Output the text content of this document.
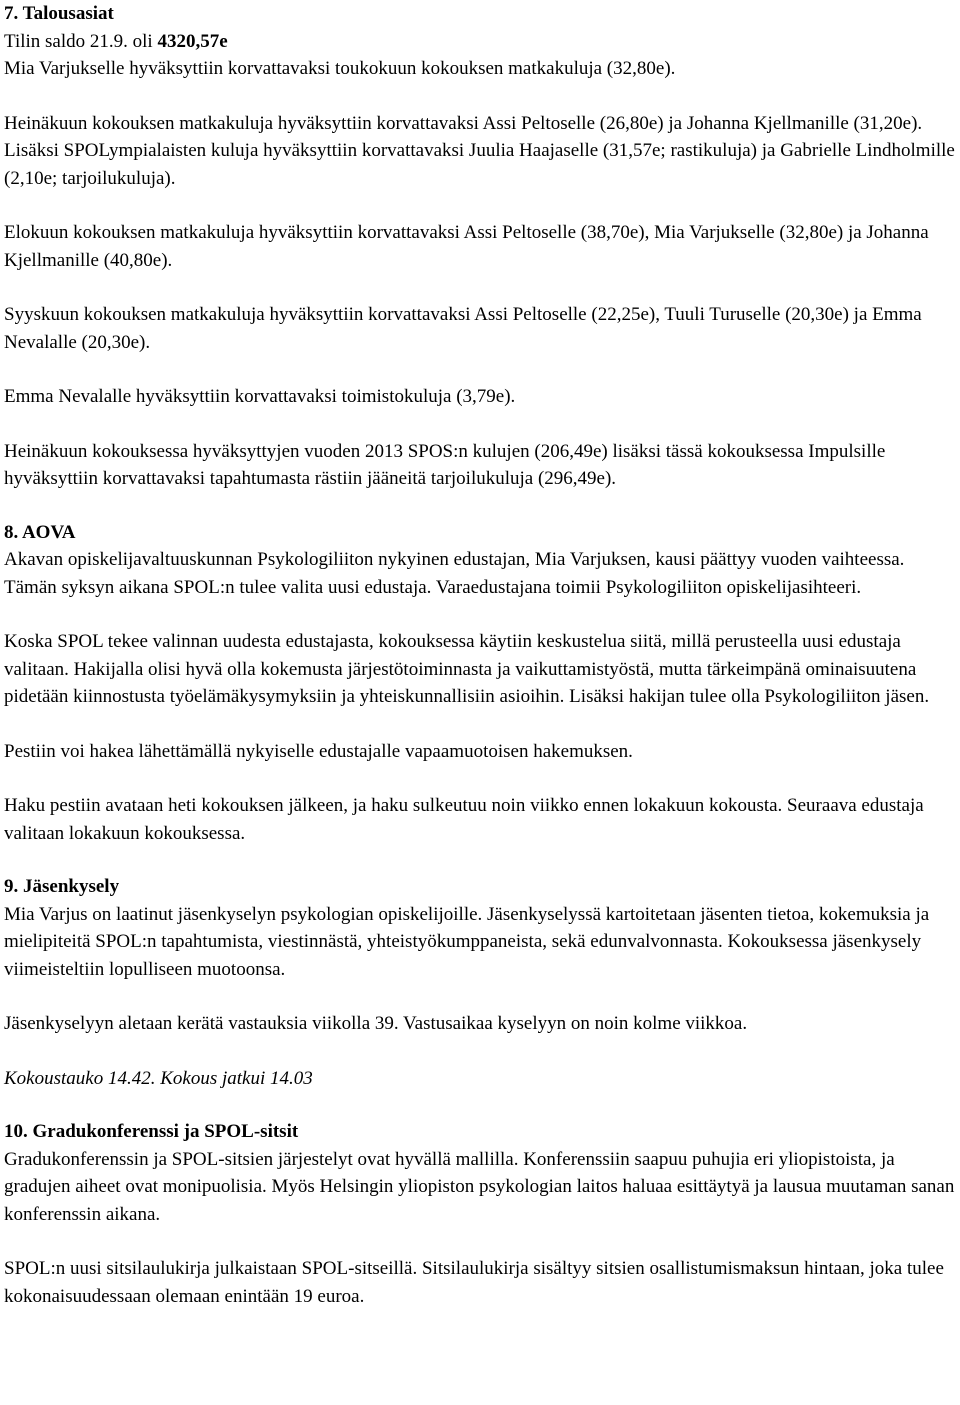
7. Talousasiat
Tilin saldo 21.9. oli 4320,57e

Mia Varjukselle hyväksyttiin korvattavaksi toukokuun kokouksen matkakuluja (32,80e).

Heinäkuun kokouksen matkakuluja hyväksyttiin korvattavaksi Assi Peltoselle (26,80e) ja Johanna Kjellmanille (31,20e). Lisäksi SPOLympialaisten kuluja hyväksyttiin korvattavaksi Juulia Haajaselle (31,57e; rastikuluja) ja Gabrielle Lindholmille (2,10e; tarjoilukuluja).

Elokuun kokouksen matkakuluja hyväksyttiin korvattavaksi Assi Peltoselle (38,70e), Mia Varjukselle (32,80e) ja Johanna Kjellmanille (40,80e).

Syyskuun kokouksen matkakuluja hyväksyttiin korvattavaksi Assi Peltoselle (22,25e), Tuuli Turuselle (20,30e) ja Emma Nevalalle (20,30e).

Emma Nevalalle hyväksyttiin korvattavaksi toimistokuluja (3,79e).

Heinäkuun kokouksessa hyväksyttyjen vuoden 2013 SPOS:n kulujen (206,49e) lisäksi tässä kokouksessa Impulsille hyväksyttiin korvattavaksi tapahtumasta rästiin jääneitä tarjoilukuluja (296,49e).

8. AOVA

Akavan opiskelijavaltuuskunnan Psykologiliiton nykyinen edustajan, Mia Varjuksen, kausi päättyy vuoden vaihteessa. Tämän syksyn aikana SPOL:n tulee valita uusi edustaja. Varaedustajana toimii Psykologiliiton opiskelijasihteeri.

Koska SPOL tekee valinnan uudesta edustajasta, kokouksessa käytiin keskustelua siitä, millä perusteella uusi edustaja valitaan. Hakijalla olisi hyvä olla kokemusta järjestötoiminnasta ja vaikuttamistyöstä, mutta tärkeimpänä ominaisuutena pidetään kiinnostusta työelämäkysymyksiin ja yhteiskunnallisiin asioihin. Lisäksi hakijan tulee olla Psykologiliiton jäsen.

Pestiin voi hakea lähettämällä nykyiselle edustajalle vapaamuotoisen hakemuksen.

Haku pestiin avataan heti kokouksen jälkeen, ja haku sulkeutuu noin viikko ennen lokakuun kokousta. Seuraava edustaja valitaan lokakuun kokouksessa.

9. Jäsenkysely

Mia Varjus on laatinut jäsenkyselyn psykologian opiskelijoille. Jäsenkyselyssä kartoitetaan jäsenten tietoa, kokemuksia ja mielipiteitä SPOL:n tapahtumista, viestinnästä, yhteistyökumppaneista, sekä edunvalvonnasta. Kokouksessa jäsenkysely viimeisteltiin lopulliseen muotoonsa.

Jäsenkyselyyn aletaan kerätä vastauksia viikolla 39. Vastusaikaa kyselyyn on noin kolme viikkoa.

Kokoustauko 14.42. Kokous jatkui 14.03

10. Gradukonferenssi ja SPOL-sitsit

Gradukonferenssin ja SPOL-sitsien järjestelyt ovat hyvällä mallilla. Konferenssiin saapuu puhujia eri yliopistoista, ja gradujen aiheet ovat monipuolisia. Myös Helsingin yliopiston psykologian laitos haluaa esittäytyä ja lausua muutaman sanan konferenssin aikana.

SPOL:n uusi sitsilaulukirja julkaistaan SPOL-sitseillä. Sitsilaulukirja sisältyy sitsien osallistumismaksun hintaan, joka tulee kokonaisuudessaan olemaan enintään 19 euroa.
